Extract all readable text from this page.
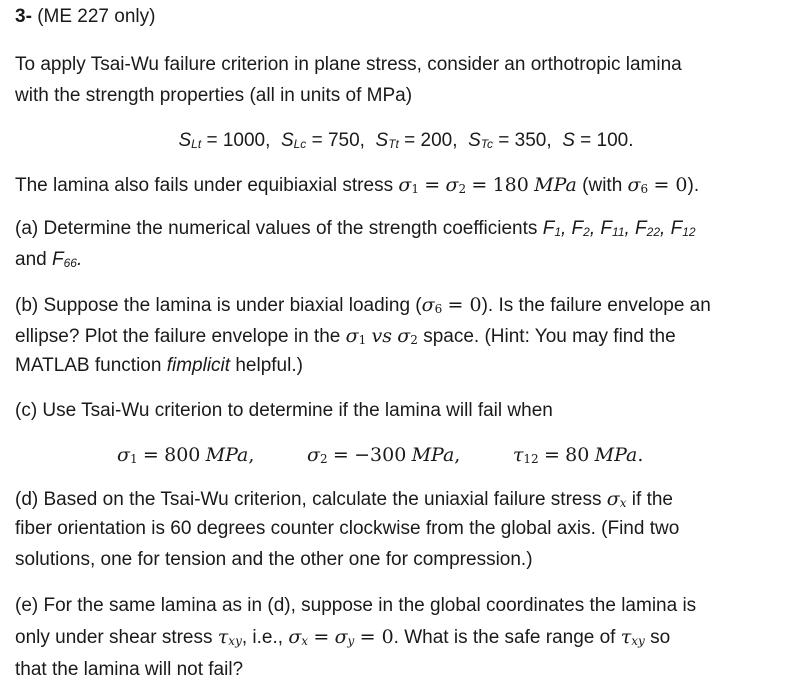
3- (ME 227 only)
To apply Tsai-Wu failure criterion in plane stress, consider an orthotropic lamina
with the strength properties (all in units of MPa)
$S_{Lt} = 1000$, $S_{Lc} = 750$, $S_{Tt} = 200$, $S_{Tc} = 350$, S = 100.
The lamina also fails under equibiaxial stress $\sigma_1 = \sigma_2 = 180$ MPa (with $\sigma_6 = 0$).
(a) Determine the numerical values of the strength coefficients $F_1$, $F_2$, $F_{11}$, $F_{22}$, $F_{12}$
and $F_{66}$.
(b) Suppose the lamina is under biaxial loading $(\sigma_6 = 0)$. Is the failure envelope an
ellipse? Plot the failure envelope in the $\sigma_1$ vs $\sigma_2$ space. (Hint: You may find the
MATLAB function fimplicit helpful.)
(c) Use Tsai-Wu criterion to determine if the lamina will fail when
$\sigma_1 = 800$ MPa,	$\sigma_2 = -300$ MPa,	$\tau_{12} = 80$ MPa.
(d) Based on the Tsai-Wu criterion, calculate the uniaxial failure stress $\sigma_x$ if the
fiber orientation is 60 degrees counter clockwise from the global axis. (Find two
solutions, one for tension and the other one for compression.)
(e) For the same lamina as in (d), suppose in the global coordinates the lamina is
only under shear stress $\tau_{xy}$, i.e., $\sigma_x = \sigma_y = 0$. What is the safe range of $\tau_{xy}$ so
that the lamina will not fail?
